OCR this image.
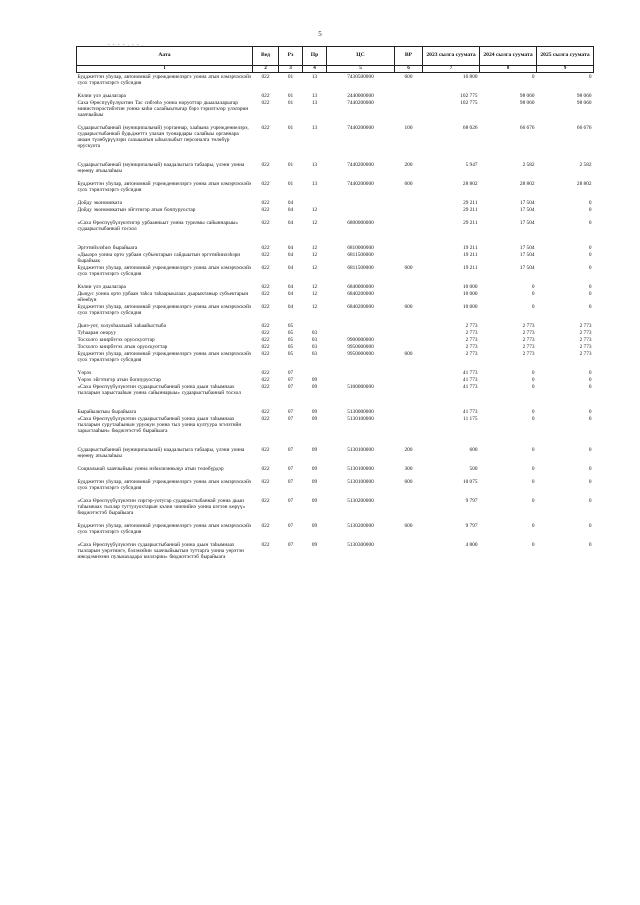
5
- - - - . - - .
Аата	Вед	Рз	Пр	ЦС	ВР	2023 сылга суумата	2024 сылга суумата	2025 сылга суумата
1	2	3	4	5	6	7	8	9
Будджеттэн уһулар, автономнай учреждениелэргэ уонна атын кэмэрчэскэйэ суох тэрилтэлэргэ субсидия	022	01	13	7430500000	600	16 800	0	0
Кэлии үлэ дьылагара	022	01	13	2440000000		102 775	98 060	98 060
Саха Өрөспүүбүлүкэтин Тас сибээһэ уонна норуоттар дьыалаларыгар министиэрэстибэтин уонна киһи салайыытыгар бэрэ тэрилтэлэр үлэлэрин хааччыйыы	022	01	13	7440200000		102 775	98 060	98 060
Судаарыстыбаннай (муниципальнай) уорганнар, хааһына учреждениелэрэ, судаарыстыбаннай будьджеттэ улахан туонардары салайыы органнара анаан түлөбүрүүлэри салыыатын ыһыллыбыт персоналга төлөбүр орускуота	022	01	13	7440200000	100	68 026	66 676	66 676
Судаарыстыбаннай (муниципальнай) наадалыгыга табаары, үлэни уонна өңөөңү атыылаһыы	022	01	13	7440200000	200	5 947	2 582	2 582
Будджеттэн уһулар, автономнай учреждениелэргэ уонна атын кэмэрчэскэйэ суох тэрилтэлэргэ субсидия	022	01	13	7440200000	600	28 802	28 802	28 802
Дойду экономиката	022	04				29 211	17 504	0
Дойду экономикатын эйгэтигэр атын боппуруостар	022	04	12			29 211	17 504	0
«Саха Өрөспүүбүлүкэтигэр урбаанньыт уонна туризмы сайыннарыы» судаарыстыбаннай тосхол	022	04	12	6800000000		29 211	17 504	0
Эргэтийэлэһиэ бырайыага	022	04	12	6810000000		19 211	17 504	0
«Дьыэрэ уонна орто урбаан субъектарын сайдыытын эргэтийиилэһэри бырайыак	022	04	12	6811500000		19 211	17 504	0
Будджеттэн уһулар, автономнай учреждениелэргэ уонна атын кэмэрчэскэйэ суох тэрилтэлэргэ субсидия	022	04	12	6811500000	600	19 211	17 504	0
Кэлии үлэ дьылагара	022	04	12	6840000000		10 000	0	0
Дьоҕус уонна орто урбаан таһса таһаарыылаах дьарыктаныр субъектарын өйөөһүн	022	04	12	6840200000		10 000	0	0
Будджеттэн уһулар, автономнай учреждениелэргэ уонна атын кэмэрчэскэйэ суох тэрилтэлэргэ субсидия	022	04	12	6840200000	600	10 000	0	0
Дьиэ-уот, холуоһаалыай хаһаайыстыба	022	05				2 773	2 773	2 773
Туһааран оноруу	022	05	03			2 773	2 773	2 773
Тосхолго киирбэтэх оруоскуоттар	022	05	03	9900000000		2 773	2 773	2 773
Тосхолго киирбэтэх атын оруоскуоттар	022	05	03	9950000000		2 773	2 773	2 773
Будджеттэн уһулар, автономнай учреждениелэргэ уонна атын кэмэрчэскэйэ суох тэрилтэлэргэ субсидия	022	05	03	9950000000	600	2 773	2 773	2 773
Үөрэх	022	07				41 773	0	0
Үөрэх эйгэтигэр атын боппуруостар	022	07	09			41 773	0	0
«Саха Өрөспүүбүлүкэтин судаарыстыбаннай уонна дьын таһымнаах тылларын харыстааһын уонна сайыннарыы» судаарыстыбаннай тосхол	022	07	09	5100000000		41 773	0	0
Бырайыактыы бырайыага	022	07	09	5130000000		41 773	0	0
«Саха Өрөспүүбүлүкэтин судаарыстыбаннай уонна дьын таһымнаах тылларын сурутааһынын уруокун уонна тыл уонна култуура эгэлэтийн харыстааһын» бюджэтэстэб бырайыага	022	07	09	5130100000		11 175	0	0
Судаарыстыбаннай (муниципальнай) наадалыгыга табаары, үлэни уонна өңөөңү атыылаһыы	022	07	09	5130100000	200	600	0	0
Социальнай хааччыйыы уонна нэһилиэнньэҕэ атын төлөбүрдэр	022	07	09	5130100000	300	500	0	0
Будджеттэн уһулар, автономнай учреждениелэргэ уонна атын кэмэрчэскэйэ суох тэрилтэлэргэ субсидия	022	07	09	5130100000	600	10 075	0	0
«Саха Өрөспүүбүлүкэтин сиргэр-уотугар судаарыстыбаннай уонна дьын таһымнаах тыллар туттулуохтарын кэлии чинчийиэ уонна кэтээн көрүү» бюджэтэстэб бырайыага	022	07	09	5130200000		9 797	0	0
Будджеттэн уһулар, автономнай учреждениелэргэ уонна атын кэмэрчэскэйэ суох тэрилтэлэргэ субсидия	022	07	09	5130200000	600	9 797	0	0
«Саха Өрөспүүбүлүкэтин судаарыстыбаннай уонна дьын таһымнаах тылларын уөрэтиигэ, бэлэмэйин хааччыйыытын туттарга уонна уөрэтэн инкэдэмнээни пульмахадара киллэрии» бюджэтэстэб бырайыага	022	07	09	5130300000		4 800	0	0
